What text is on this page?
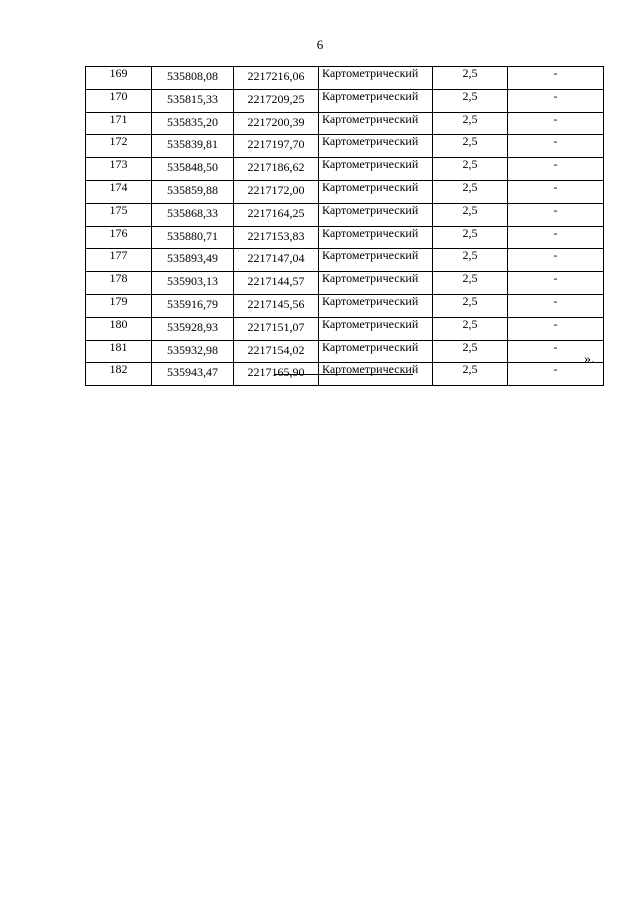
6
169	535808,08	2217216,06	Картометрический	2,5	-
170	535815,33	2217209,25	Картометрический	2,5	-
171	535835,20	2217200,39	Картометрический	2,5	-
172	535839,81	2217197,70	Картометрический	2,5	-
173	535848,50	2217186,62	Картометрический	2,5	-
174	535859,88	2217172,00	Картометрический	2,5	-
175	535868,33	2217164,25	Картометрический	2,5	-
176	535880,71	2217153,83	Картометрический	2,5	-
177	535893,49	2217147,04	Картометрический	2,5	-
178	535903,13	2217144,57	Картометрический	2,5	-
179	535916,79	2217145,56	Картометрический	2,5	-
180	535928,93	2217151,07	Картометрический	2,5	-
181	535932,98	2217154,02	Картометрический	2,5	-
182	535943,47	2217165,90	Картометрический	2,5	-
».
